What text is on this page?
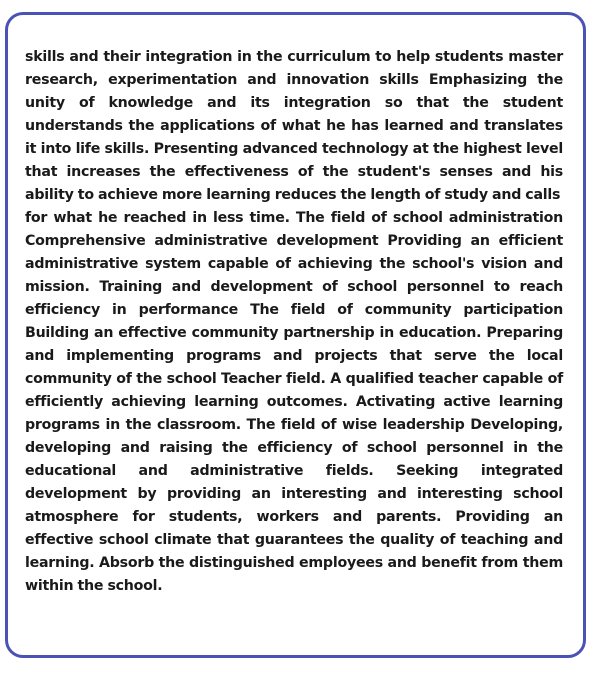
skills and their integration in the curriculum to help students master research, experimentation and innovation skills Emphasizing the unity of knowledge and its integration so that the student understands the applications of what he has learned and translates it into life skills. Presenting advanced technology at the highest level that increases the effectiveness of the student's senses and his ability to achieve more learning reduces the length of study and calls

for what he reached in less time. The field of school administration Comprehensive administrative development Providing an efficient administrative system capable of achieving the school's vision and mission. Training and development of school personnel to reach efficiency in performance The field of community participation Building an effective community partnership in education. Preparing and implementing programs and projects that serve the local community of the school Teacher field. A qualified teacher capable of efficiently achieving learning outcomes. Activating active learning programs in the classroom. The field of wise leadership Developing, developing and raising the efficiency of school personnel in the educational and administrative fields. Seeking integrated development by providing an interesting and interesting school atmosphere for students, workers and parents. Providing an effective school climate that guarantees the quality of teaching and learning. Absorb the distinguished employees and benefit from them within the school.
